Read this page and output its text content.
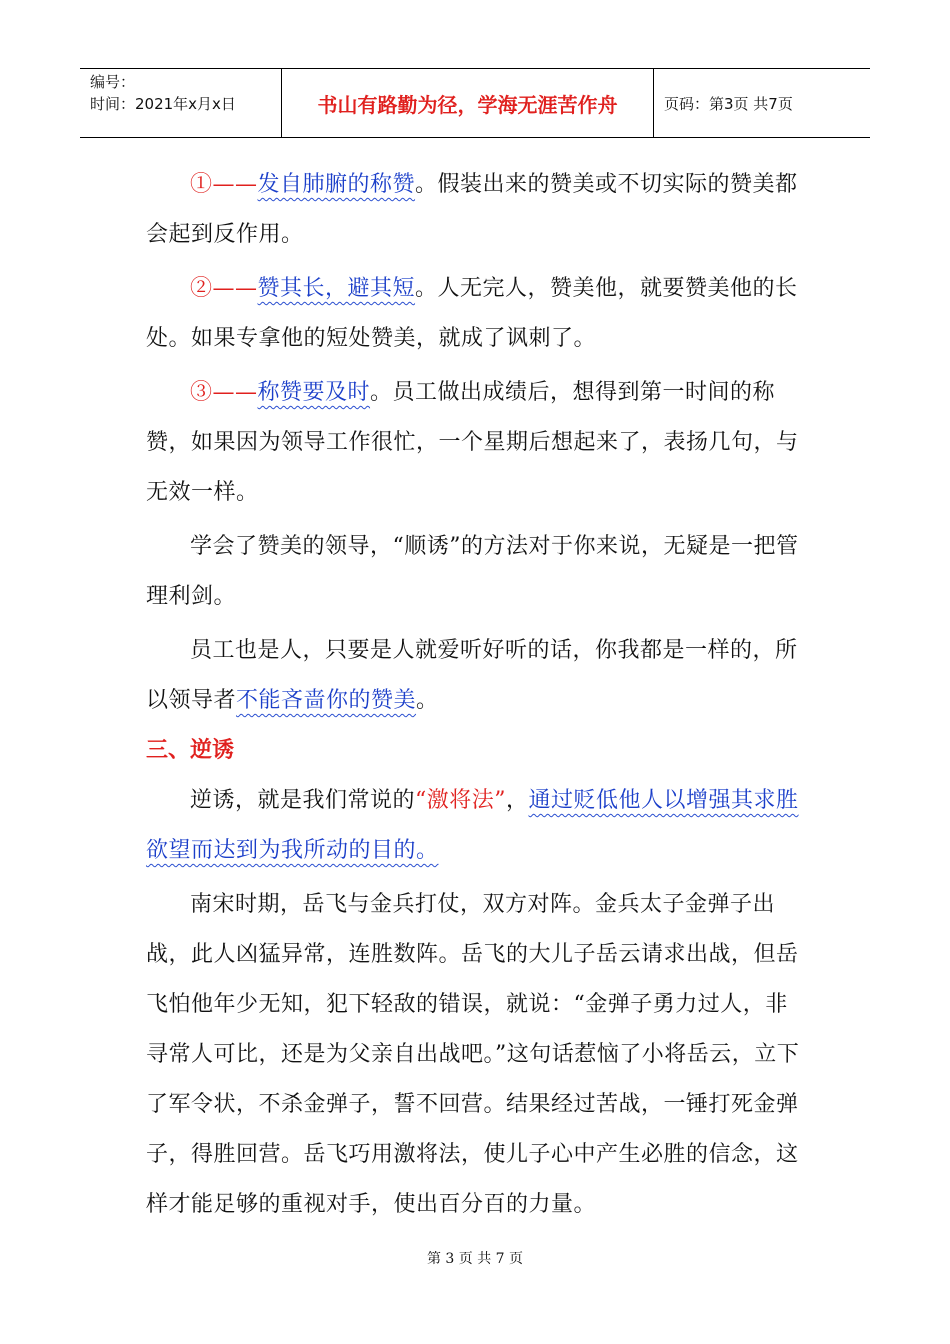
编号：
时间：2021年x月x日	书山有路勤为径，学海无涯苦作舟	页码：第3页 共7页

①——发自肺腑的称赞。假装出来的赞美或不切实际的赞美都会起到反作用。

②——赞其长，避其短。人无完人，赞美他，就要赞美他的长处。如果专拿他的短处赞美，就成了讽刺了。

③——称赞要及时。员工做出成绩后，想得到第一时间的称赞，如果因为领导工作很忙，一个星期后想起来了，表扬几句，与无效一样。

学会了赞美的领导，“顺诱”的方法对于你来说，无疑是一把管理利剑。

员工也是人，只要是人就爱听好听的话，你我都是一样的，所以领导者不能吝啬你的赞美。

三、逆诱

逆诱，就是我们常说的“激将法”，通过贬低他人以增强其求胜欲望而达到为我所动的目的。

南宋时期，岳飞与金兵打仗，双方对阵。金兵太子金弹子出战，此人凶猛异常，连胜数阵。岳飞的大儿子岳云请求出战，但岳飞怕他年少无知，犯下轻敌的错误，就说：“金弹子勇力过人，非寻常人可比，还是为父亲自出战吧。”这句话惹恼了小将岳云，立下了军令状，不杀金弹子，誓不回营。结果经过苦战，一锤打死金弹子，得胜回营。岳飞巧用激将法，使儿子心中产生必胜的信念，这样才能足够的重视对手，使出百分百的力量。

第 3 页 共 7 页
